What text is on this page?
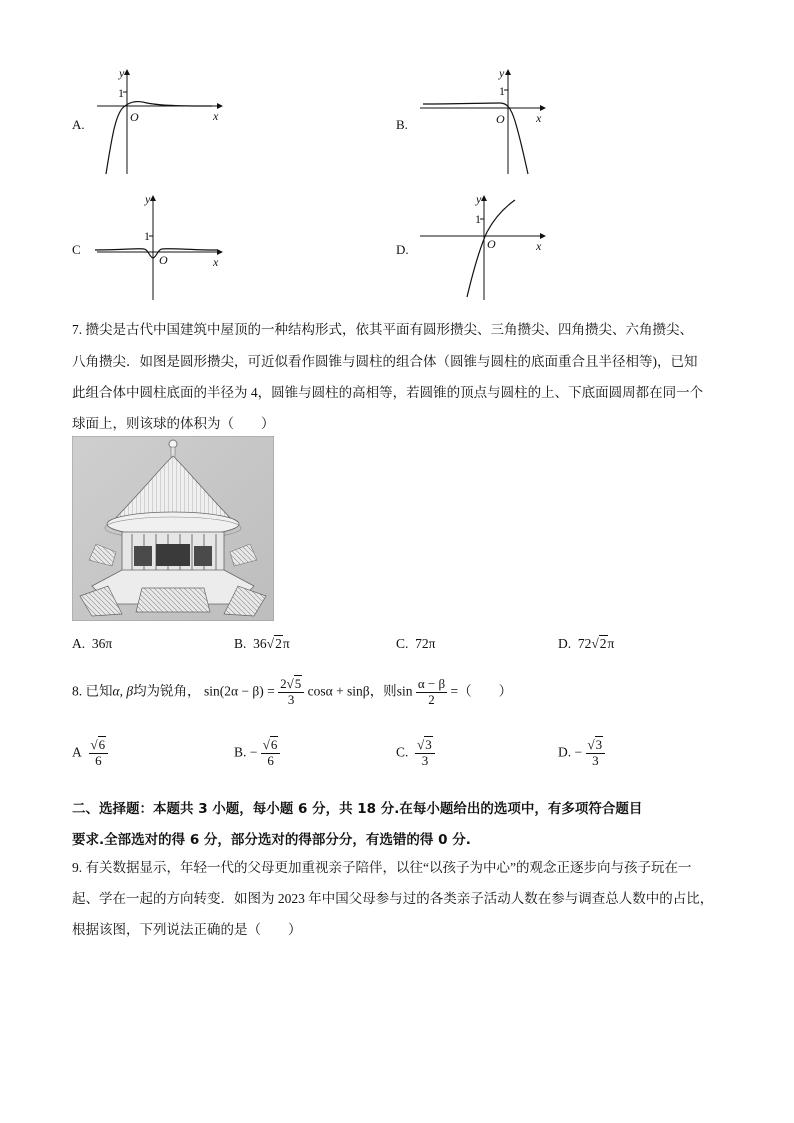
A.
1
y
x
O	B.
1
y
x
O
C
1
y
x
O
D.
1
y
x
O
7. 攒尖是古代中国建筑中屋顶的一种结构形式，依其平面有圆形攒尖、三角攒尖、四角攒尖、六角攒尖、
八角攒尖．如图是圆形攒尖，可近似看作圆锥与圆柱的组合体（圆锥与圆柱的底面重合且半径相等)，已知
此组合体中圆柱底面的半径为 4，圆锥与圆柱的高相等，若圆锥的顶点与圆柱的上、下底面圆周都在同一个
球面上，则该球的体积为（　　）
A. 36π	B. 36√2π	C. 72π	D. 72√2π
8. 已知α, β均为锐角， $\sin(2\alpha - \beta) = \frac{2√5}{3}$ cosα + sinβ，则$\sin \frac{\alpha - \beta}{2}$ =（　　）
A $\frac{√6}{6}$	B. − $\frac{√6}{6}$	C. $\frac{√3}{3}$	D. − $\frac{√3}{3}$
二、选择题：本题共 3 小题，每小题 6 分，共 18 分.在每小题给出的选项中，有多项符合题目
要求.全部选对的得 6 分，部分选对的得部分分，有选错的得 0 分.
9. 有关数据显示，年轻一代的父母更加重视亲子陪伴，以往“以孩子为中心”的观念正逐步向与孩子玩在一
起、学在一起的方向转变．如图为 2023 年中国父母参与过的各类亲子活动人数在参与调查总人数中的占比，
根据该图，下列说法正确的是（　　）
